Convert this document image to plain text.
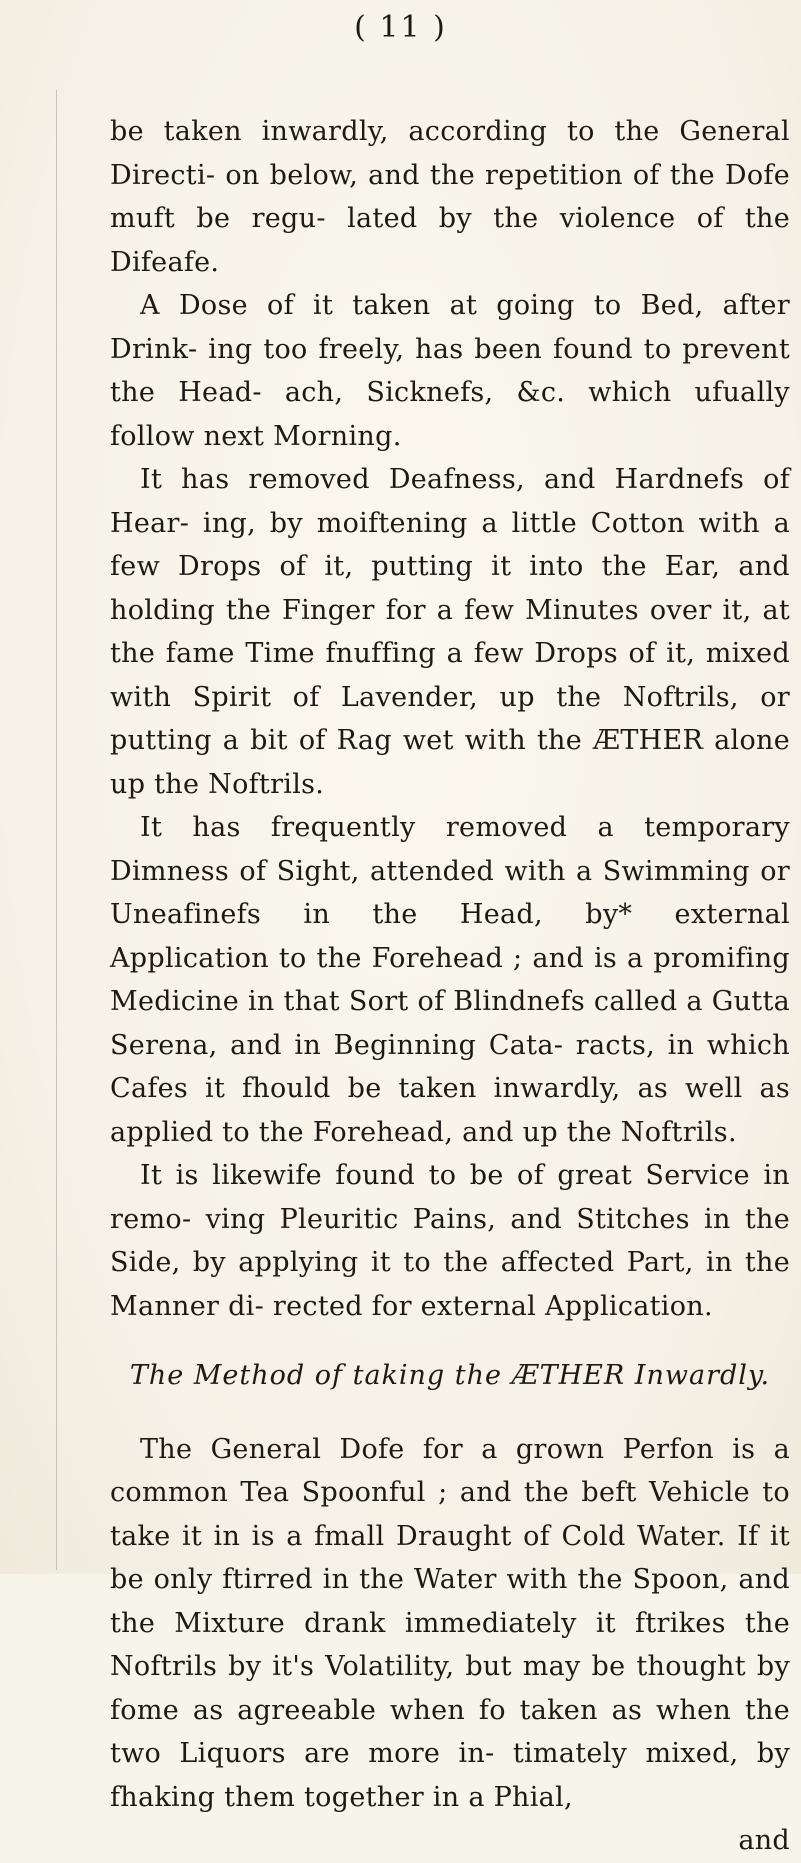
( 11 )

be taken inwardly, according to the General Directi- on below, and the repetition of the Dofe muft be regu- lated by the violence of the Difeafe.

A Dose of it taken at going to Bed, after Drink- ing too freely, has been found to prevent the Head- ach, Sicknefs, &c. which ufually follow next Morning.

It has removed Deafness, and Hardnefs of Hear- ing, by moiftening a little Cotton with a few Drops of it, putting it into the Ear, and holding the Finger for a few Minutes over it, at the fame Time fnuffing a few Drops of it, mixed with Spirit of Lavender, up the Noftrils, or putting a bit of Rag wet with the ÆTHER alone up the Noftrils.

It has frequently removed a temporary Dimness of Sight, attended with a Swimming or Uneafinefs in the Head, by* external Application to the Forehead ; and is a promifing Medicine in that Sort of Blindnefs called a Gutta Serena, and in Beginning Cata- racts, in which Cafes it fhould be taken inwardly, as well as applied to the Forehead, and up the Noftrils.

It is likewife found to be of great Service in remo- ving Pleuritic Pains, and Stitches in the Side, by applying it to the affected Part, in the Manner di- rected for external Application.

The Method of taking the ÆTHER Inwardly.

The General Dofe for a grown Perfon is a common Tea Spoonful ; and the beft Vehicle to take it in is a fmall Draught of Cold Water. If it be only ftirred in the Water with the Spoon, and the Mixture drank immediately it ftrikes the Noftrils by it's Volatility, but may be thought by fome as agreeable when fo taken as when the two Liquors are more in- timately mixed, by fhaking them together in a Phial,

and
